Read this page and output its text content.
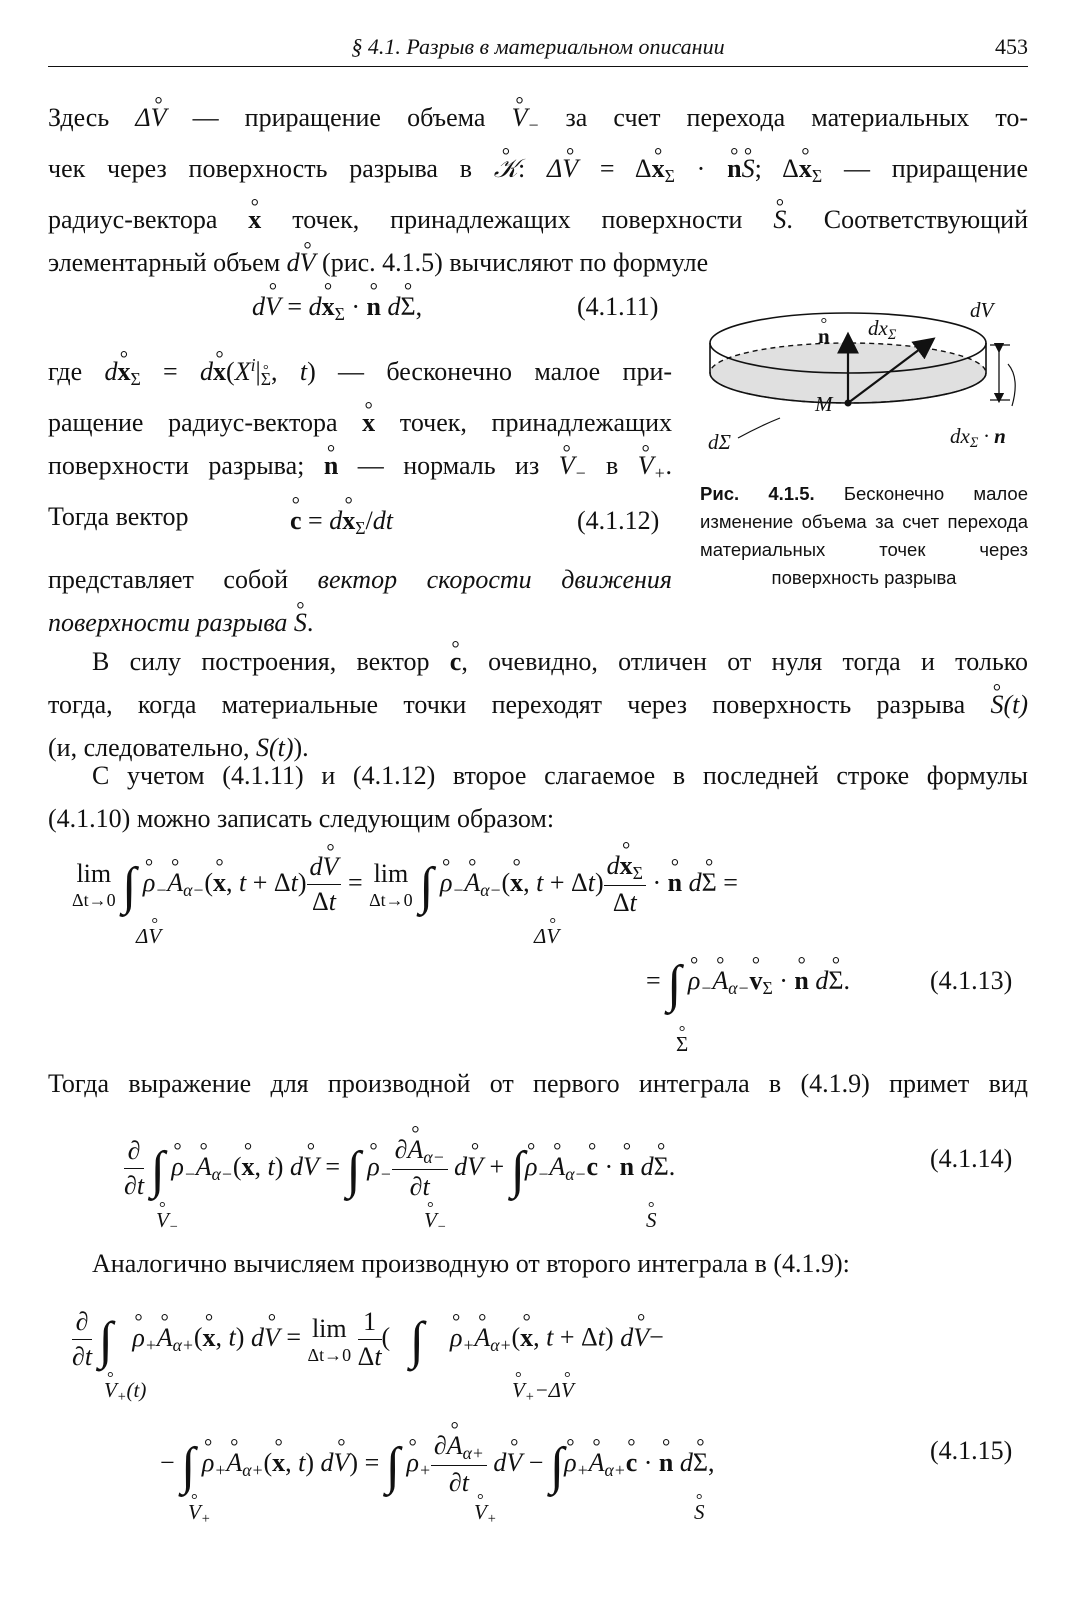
§ 4.1. Разрыв в материальном описании	453
Здесь Δ° V — приращение объема ° $V_-$ за счет перехода материальных то-
чек через поверхность разрыва в ° 𝒦: Δ° V = Δ° $x_\Sigma$ · ° n° S; Δ° $x_\Sigma$ — приращение
радиус-вектора ° x точек, принадлежащих поверхности ° S. Соответствующий
элементарный объем d° V (рис. 4.1.5) вычисляют по формуле
d° V = d° $x_\Sigma$ · ° n d° Σ,	(4.1.11)
где d° $x_\Sigma = d^\circ$ $x(X^i|^\circ$ Σ, t) — бесконечно малое при-
ращение радиус-вектора ° x точек, принадлежащих
поверхности разрыва; ° n — нормаль из ° $V_-$ в ° $V_+$.
Тогда вектор	° c = d° $x_\Sigma/dt$	(4.1.12)
представляет собой вектор скорости движения
поверхности разрыва ° S.
° n $dx_\Sigma$
dV
M
dΣ	$dx_\Sigma \cdot n$
Рис. 4.1.5. Бесконечно малое изменение объема за счет перехода материальных точек через поверхность разрыва
В силу построения, вектор ° c, очевидно, отличен от нуля тогда и только
тогда, когда материальные точки переходят через поверхность разрыва ° S(t)
(и, следовательно, S(t)).
С учетом (4.1.11) и (4.1.12) второе слагаемое в последней строке формулы
(4.1.10) можно записать следующим образом:
lim
Δt→0 ∫ ° $\rho_-^\circ$ $A_{\alpha-}(^\circ$ x, $t + \Delta t) \frac{d^\circ V}{\Delta t} = \lim$
Δt→0 ∫ ° $\rho_-^\circ$ $A_{\alpha-}(^\circ$ x, $t + \Delta t) \frac{d^\circ x_\Sigma}{\Delta t}$ · ° n d° Σ =
Δ° V	Δ° V
= ∫ ° $\rho_-^\circ$ $A_{\alpha-}^\circ$ $v_\Sigma$ · ° n d° Σ.	(4.1.13)
° Σ
Тогда выражение для производной от первого интеграла в (4.1.9) примет вид
$\frac{\partial}{\partial t}$ ∫ ° $\rho_-^\circ$ $A_{\alpha-}(^\circ$ x, t) d° V = ∫ ° $\rho_- \frac{\partial^\circ A_{\alpha-}}{\partial t} d^\circ$ V + ∫° $\rho_-^\circ$ $A_{\alpha-}^\circ$ c · ° n d° Σ.	(4.1.14)
° $V_-$	° $V_-$	° S
Аналогично вычисляем производную от второго интеграла в (4.1.9):
$\frac{\partial}{\partial t}$ ∫ ° $\rho_+^\circ$ $A_{\alpha+}(^\circ$ x, t) d° V = lim
Δt→0
$\frac{1}{\Delta t}$ (   ∫ ° $\rho_+^\circ$ $A_{\alpha+}(^\circ$ x, t + Δt) d° V−
° $V_+(t)$	° $V_+-\Delta^\circ$ V
− ∫ ° $\rho_+^\circ$ $A_{\alpha+}(^\circ$ x, t) d° V) = ∫ ° $\rho_+ \frac{\partial^\circ A_{\alpha+}}{\partial t} d^\circ$ V − ∫° $\rho_+^\circ$ $A_{\alpha+}^\circ$ c · ° n d° Σ,	(4.1.15)
° $V_+$	° $V_+$	° S
